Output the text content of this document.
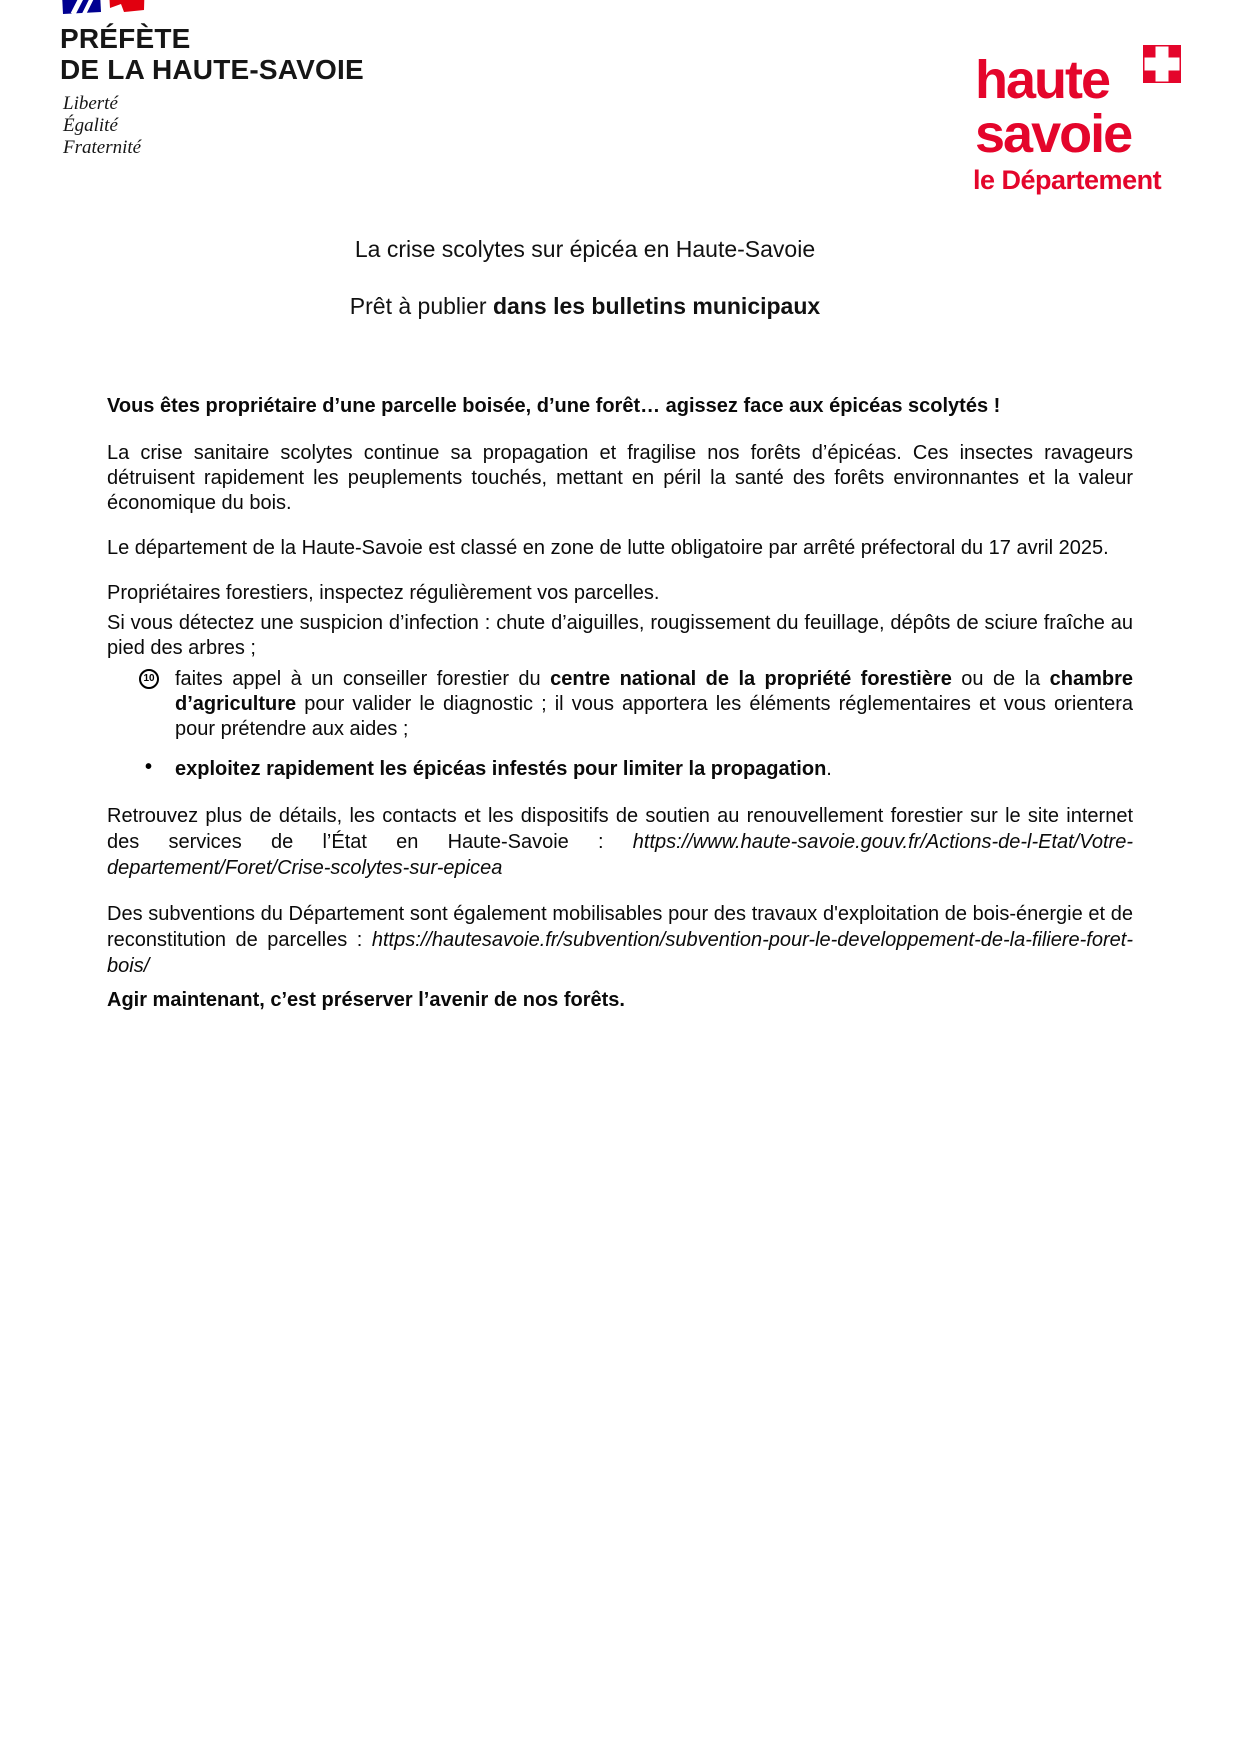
PRÉFÈTE
DE LA HAUTE-SAVOIE
Liberté
Égalité
Fraternité
haute
savoie
le Département
La crise scolytes sur épicéa en Haute-Savoie
Prêt à publier dans les bulletins municipaux

Vous êtes propriétaire d’une parcelle boisée, d’une forêt… agissez face aux épicéas scolytés !

La crise sanitaire scolytes continue sa propagation et fragilise nos forêts d’épicéas. Ces insectes ravageurs détruisent rapidement les peuplements touchés, mettant en péril la santé des forêts environnantes et la valeur économique du bois.

Le département de la Haute-Savoie est classé en zone de lutte obligatoire par arrêté préfectoral du 17 avril 2025.

Propriétaires forestiers, inspectez régulièrement vos parcelles.

Si vous détectez une suspicion d’infection : chute d’aiguilles, rougissement du feuillage, dépôts de sciure fraîche au pied des arbres ;

10 faites appel à un conseiller forestier du centre national de la propriété forestière ou de la chambre d’agriculture pour valider le diagnostic ; il vous apportera les éléments réglementaires et vous orientera pour prétendre aux aides ;

• exploitez rapidement les épicéas infestés pour limiter la propagation.

Retrouvez plus de détails, les contacts et les dispositifs de soutien au renouvellement forestier sur le site internet des services de l’État en Haute-Savoie : https://www.haute-savoie.gouv.fr/Actions-de-l-Etat/Votre-departement/Foret/Crise-scolytes-sur-epicea

Des subventions du Département sont également mobilisables pour des travaux d'exploitation de bois-énergie et de reconstitution de parcelles : https://hautesavoie.fr/subvention/subvention-pour-le-developpement-de-la-filiere-foret-bois/

Agir maintenant, c’est préserver l’avenir de nos forêts.
